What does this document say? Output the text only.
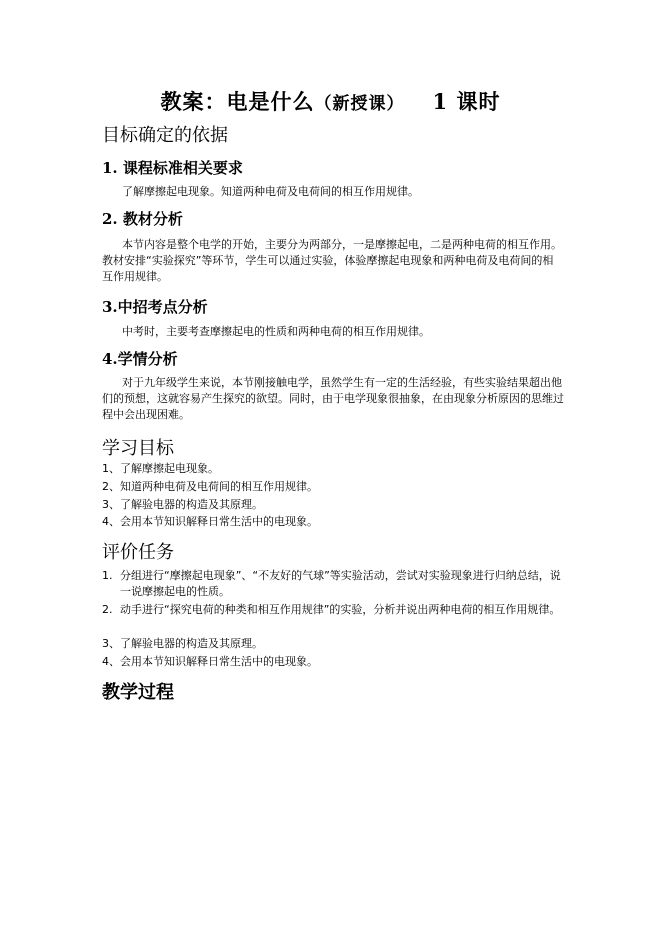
教案：电是什么（新授课） 1 课时
目标确定的依据
1. 课程标准相关要求
了解摩擦起电现象。知道两种电荷及电荷间的相互作用规律。
2. 教材分析

本节内容是整个电学的开始，主要分为两部分，一是摩擦起电，二是两种电荷的相互作用。教材安排“实验探究”等环节，学生可以通过实验，体验摩擦起电现象和两种电荷及电荷间的相互作用规律。

3.中招考点分析
中考时，主要考查摩擦起电的性质和两种电荷的相互作用规律。
4.学情分析

对于九年级学生来说，本节刚接触电学，虽然学生有一定的生活经验，有些实验结果超出他们的预想，这就容易产生探究的欲望。同时，由于电学现象很抽象，在由现象分析原因的思维过程中会出现困难。

学习目标
1、了解摩擦起电现象。
2、知道两种电荷及电荷间的相互作用规律。
3、了解验电器的构造及其原理。
4、会用本节知识解释日常生活中的电现象。
评价任务
1. 分组进行“摩擦起电现象”、“不友好的气球”等实验活动，尝试对实验现象进行归纳总结，说一说摩擦起电的性质。

2. 动手进行“探究电荷的种类和相互作用规律”的实验，分析并说出两种电荷的相互作用规律。

3、了解验电器的构造及其原理。
4、会用本节知识解释日常生活中的电现象。
教学过程
